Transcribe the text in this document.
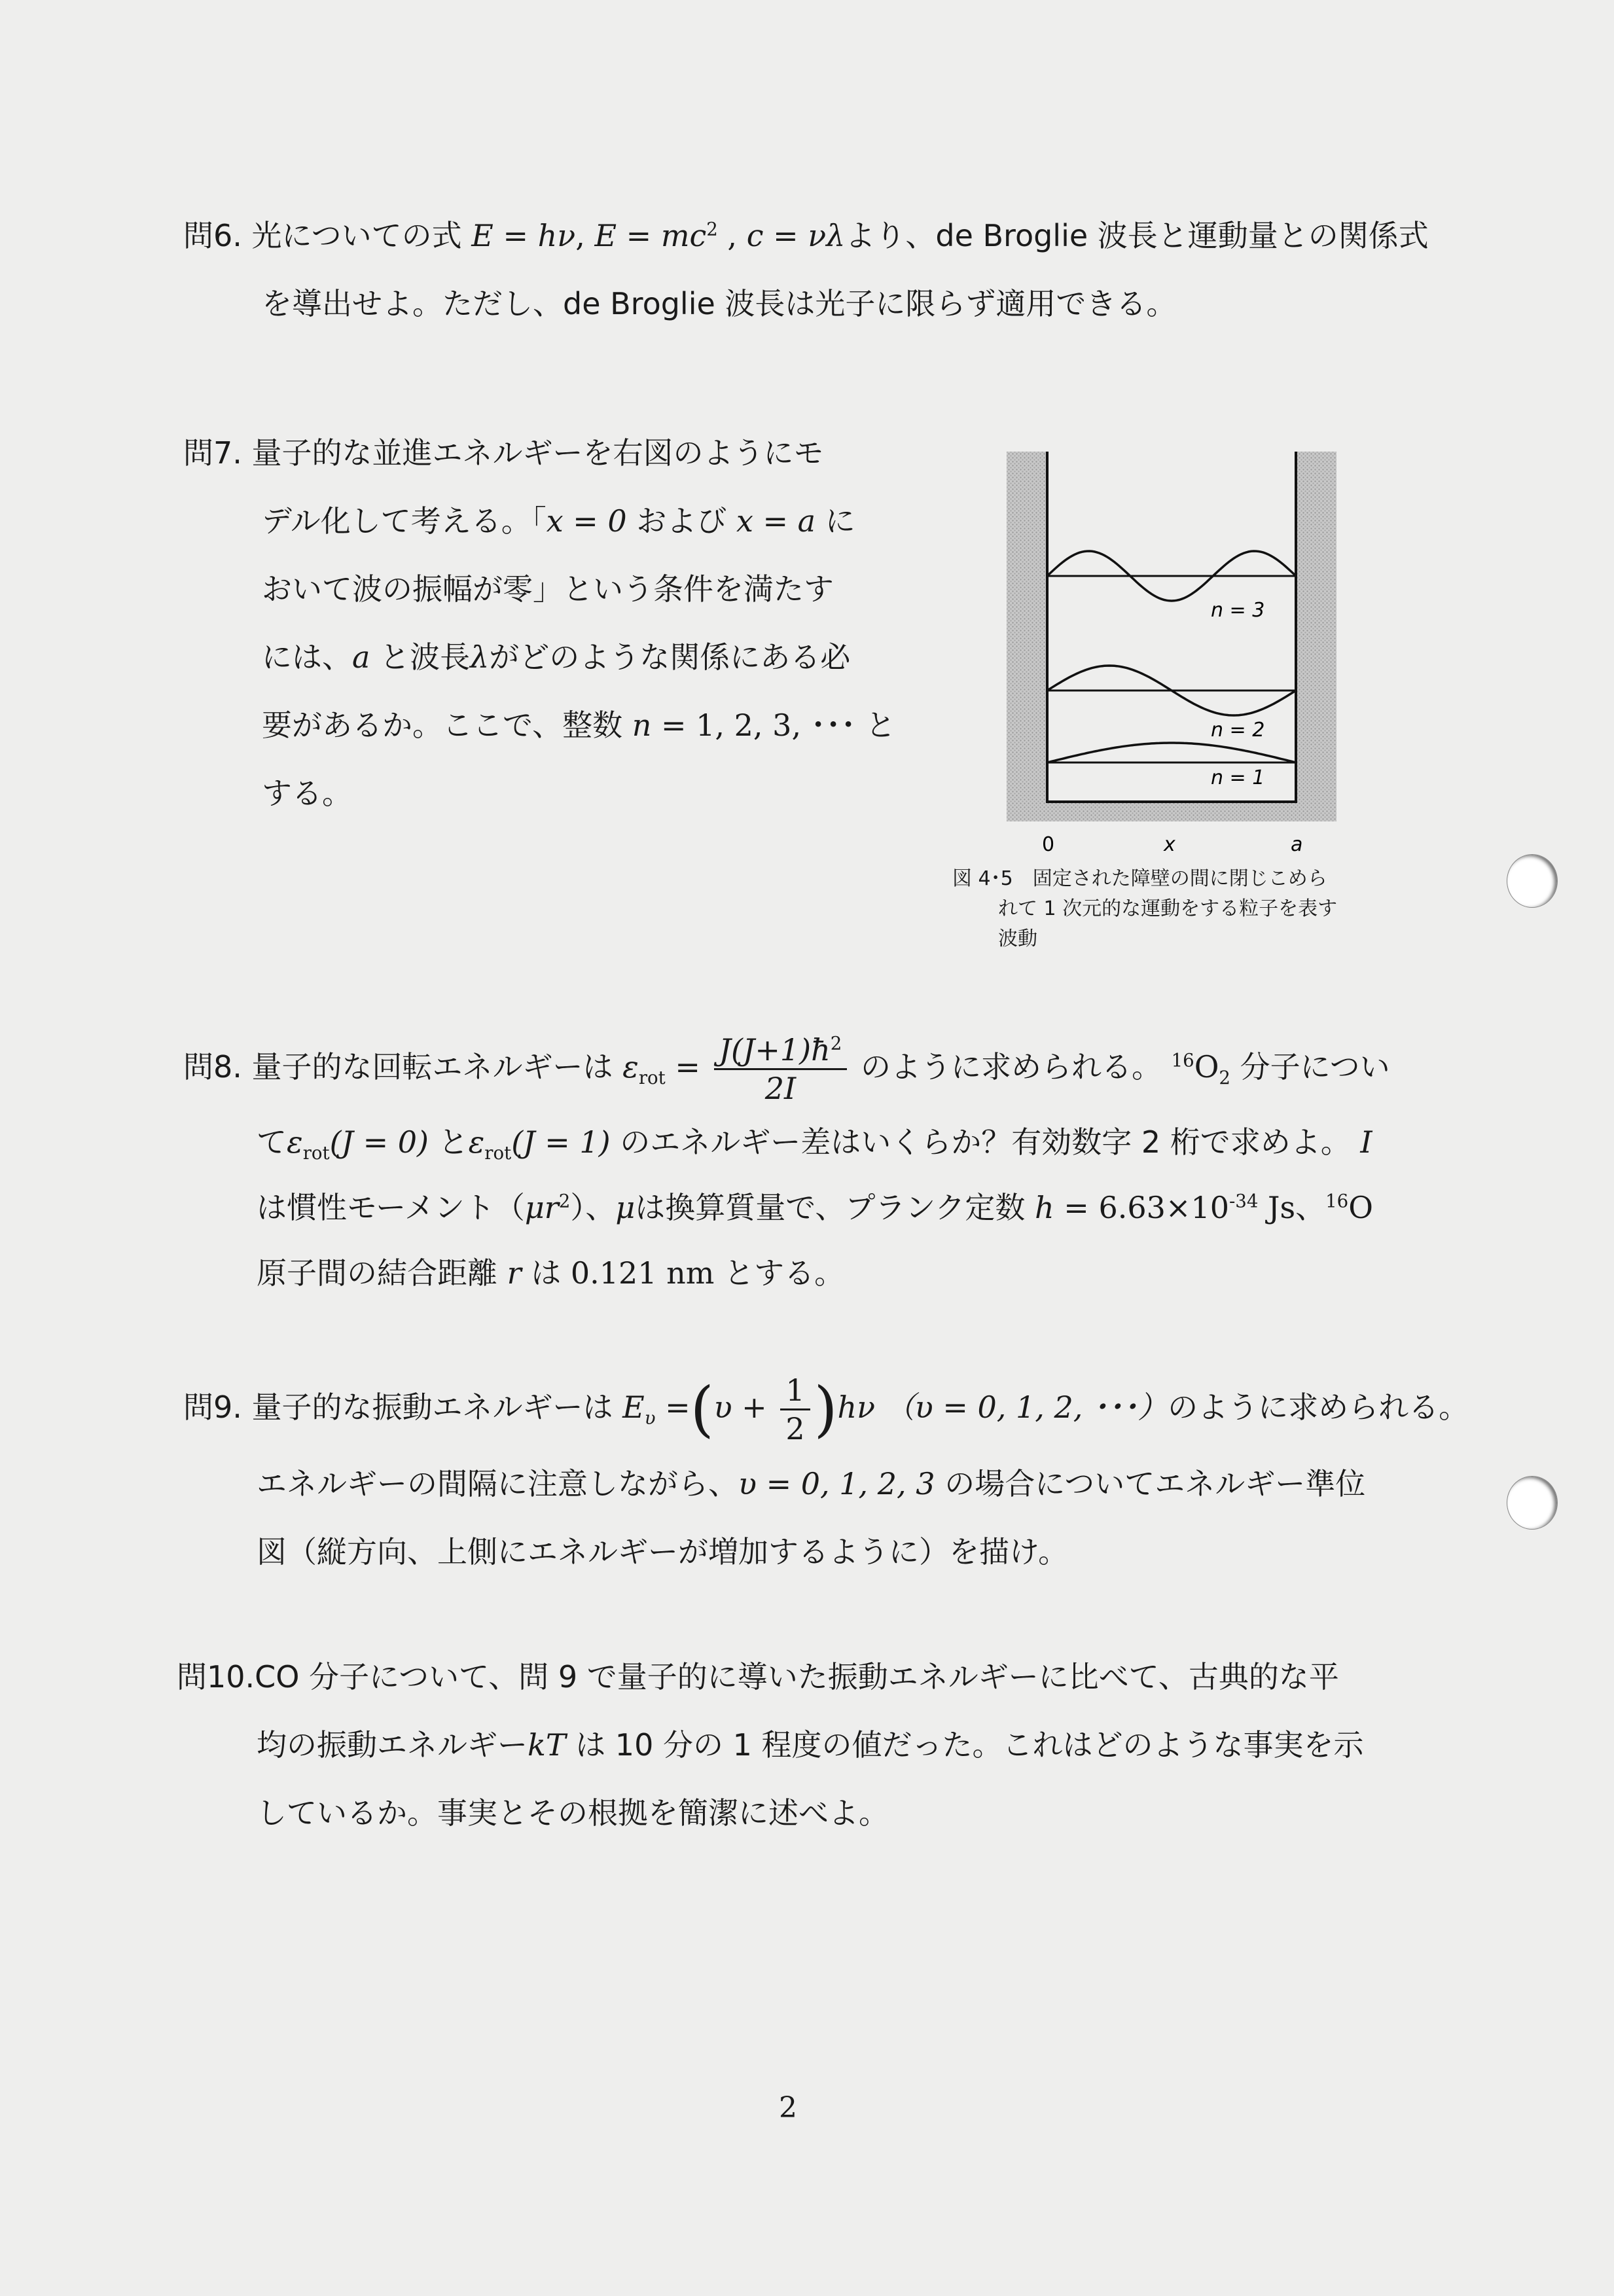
問6. 光についての式 E = hν, $E = mc^2$ , c = νλより、de Broglie 波長と運動量との関係式
を導出せよ。ただし、de Broglie 波長は光子に限らず適用できる。
問7. 量子的な並進エネルギーを右図のようにモ
デル化して考える。「x = 0 および x = a に
おいて波の振幅が零」という条件を満たす
には、a と波長λがどのような関係にある必
要があるか。ここで、整数 n = 1, 2, 3, ･･･ と
する。
n = 3
n = 2
n = 1
0	x	a
図 4･5　固定された障壁の間に閉じこめら
れて 1 次元的な運動をする粒子を表す
波動
問8. 量子的な回転エネルギーは $\varepsilon_{rot} = \frac{J(J+1)ħ^2}{2I}$ のように求められる。 $^{16}O_2$ 分子につい
て$\varepsilon_{rot}(J = 0)$ と$\varepsilon_{rot}(J = 1)$ のエネルギー差はいくらか？有効数字 2 桁で求めよ。 I
は慣性モーメント$(\mu r^2)$、μは換算質量で、プランク定数 $h = 6.63\times 10^{-34}$ Js、$^{16}$O
原子間の結合距離 r は 0.121 nm とする。
問9. 量子的な振動エネルギーは $E_\upsilon =(\upsilon + \frac{1}{2} )h\nu$ （υ = 0, 1, 2, ･･･）のように求められる。
エネルギーの間隔に注意しながら、υ = 0, 1, 2, 3 の場合についてエネルギー準位
図（縦方向、上側にエネルギーが増加するように）を描け。
問10.CO 分子について、問 9 で量子的に導いた振動エネルギーに比べて、古典的な平
均の振動エネルギーkT は 10 分の 1 程度の値だった。これはどのような事実を示
しているか。事実とその根拠を簡潔に述べよ。
2
